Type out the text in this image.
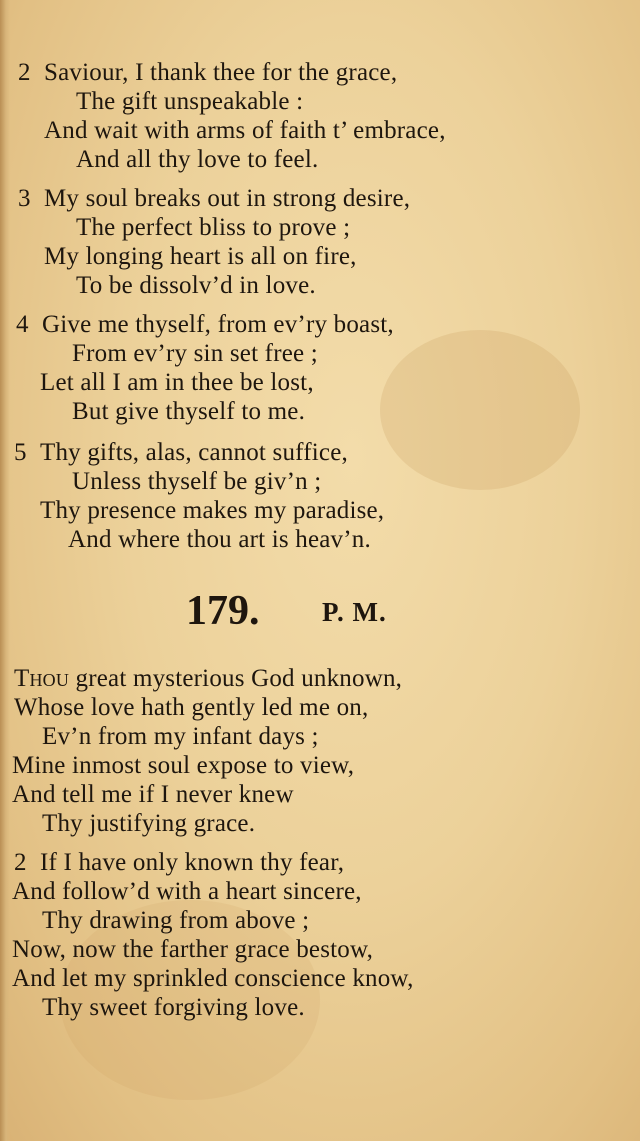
2 Saviour, I thank thee for the grace,
The gift unspeakable :
And wait with arms of faith t’ embrace,
And all thy love to feel.
3 My soul breaks out in strong desire,
The perfect bliss to prove ;
My longing heart is all on fire,
To be dissolv’d in love.
4 Give me thyself, from ev’ry boast,
From ev’ry sin set free ;
Let all I am in thee be lost,
But give thyself to me.
5 Thy gifts, alas, cannot suffice,
Unless thyself be giv’n ;
Thy presence makes my paradise,
And where thou art is heav’n.
179. P. M.
Thou great mysterious God unknown,
Whose love hath gently led me on,
Ev’n from my infant days ;
Mine inmost soul expose to view,
And tell me if I never knew
Thy justifying grace.
2 If I have only known thy fear,
And follow’d with a heart sincere,
Thy drawing from above ;
Now, now the farther grace bestow,
And let my sprinkled conscience know,
Thy sweet forgiving love.
